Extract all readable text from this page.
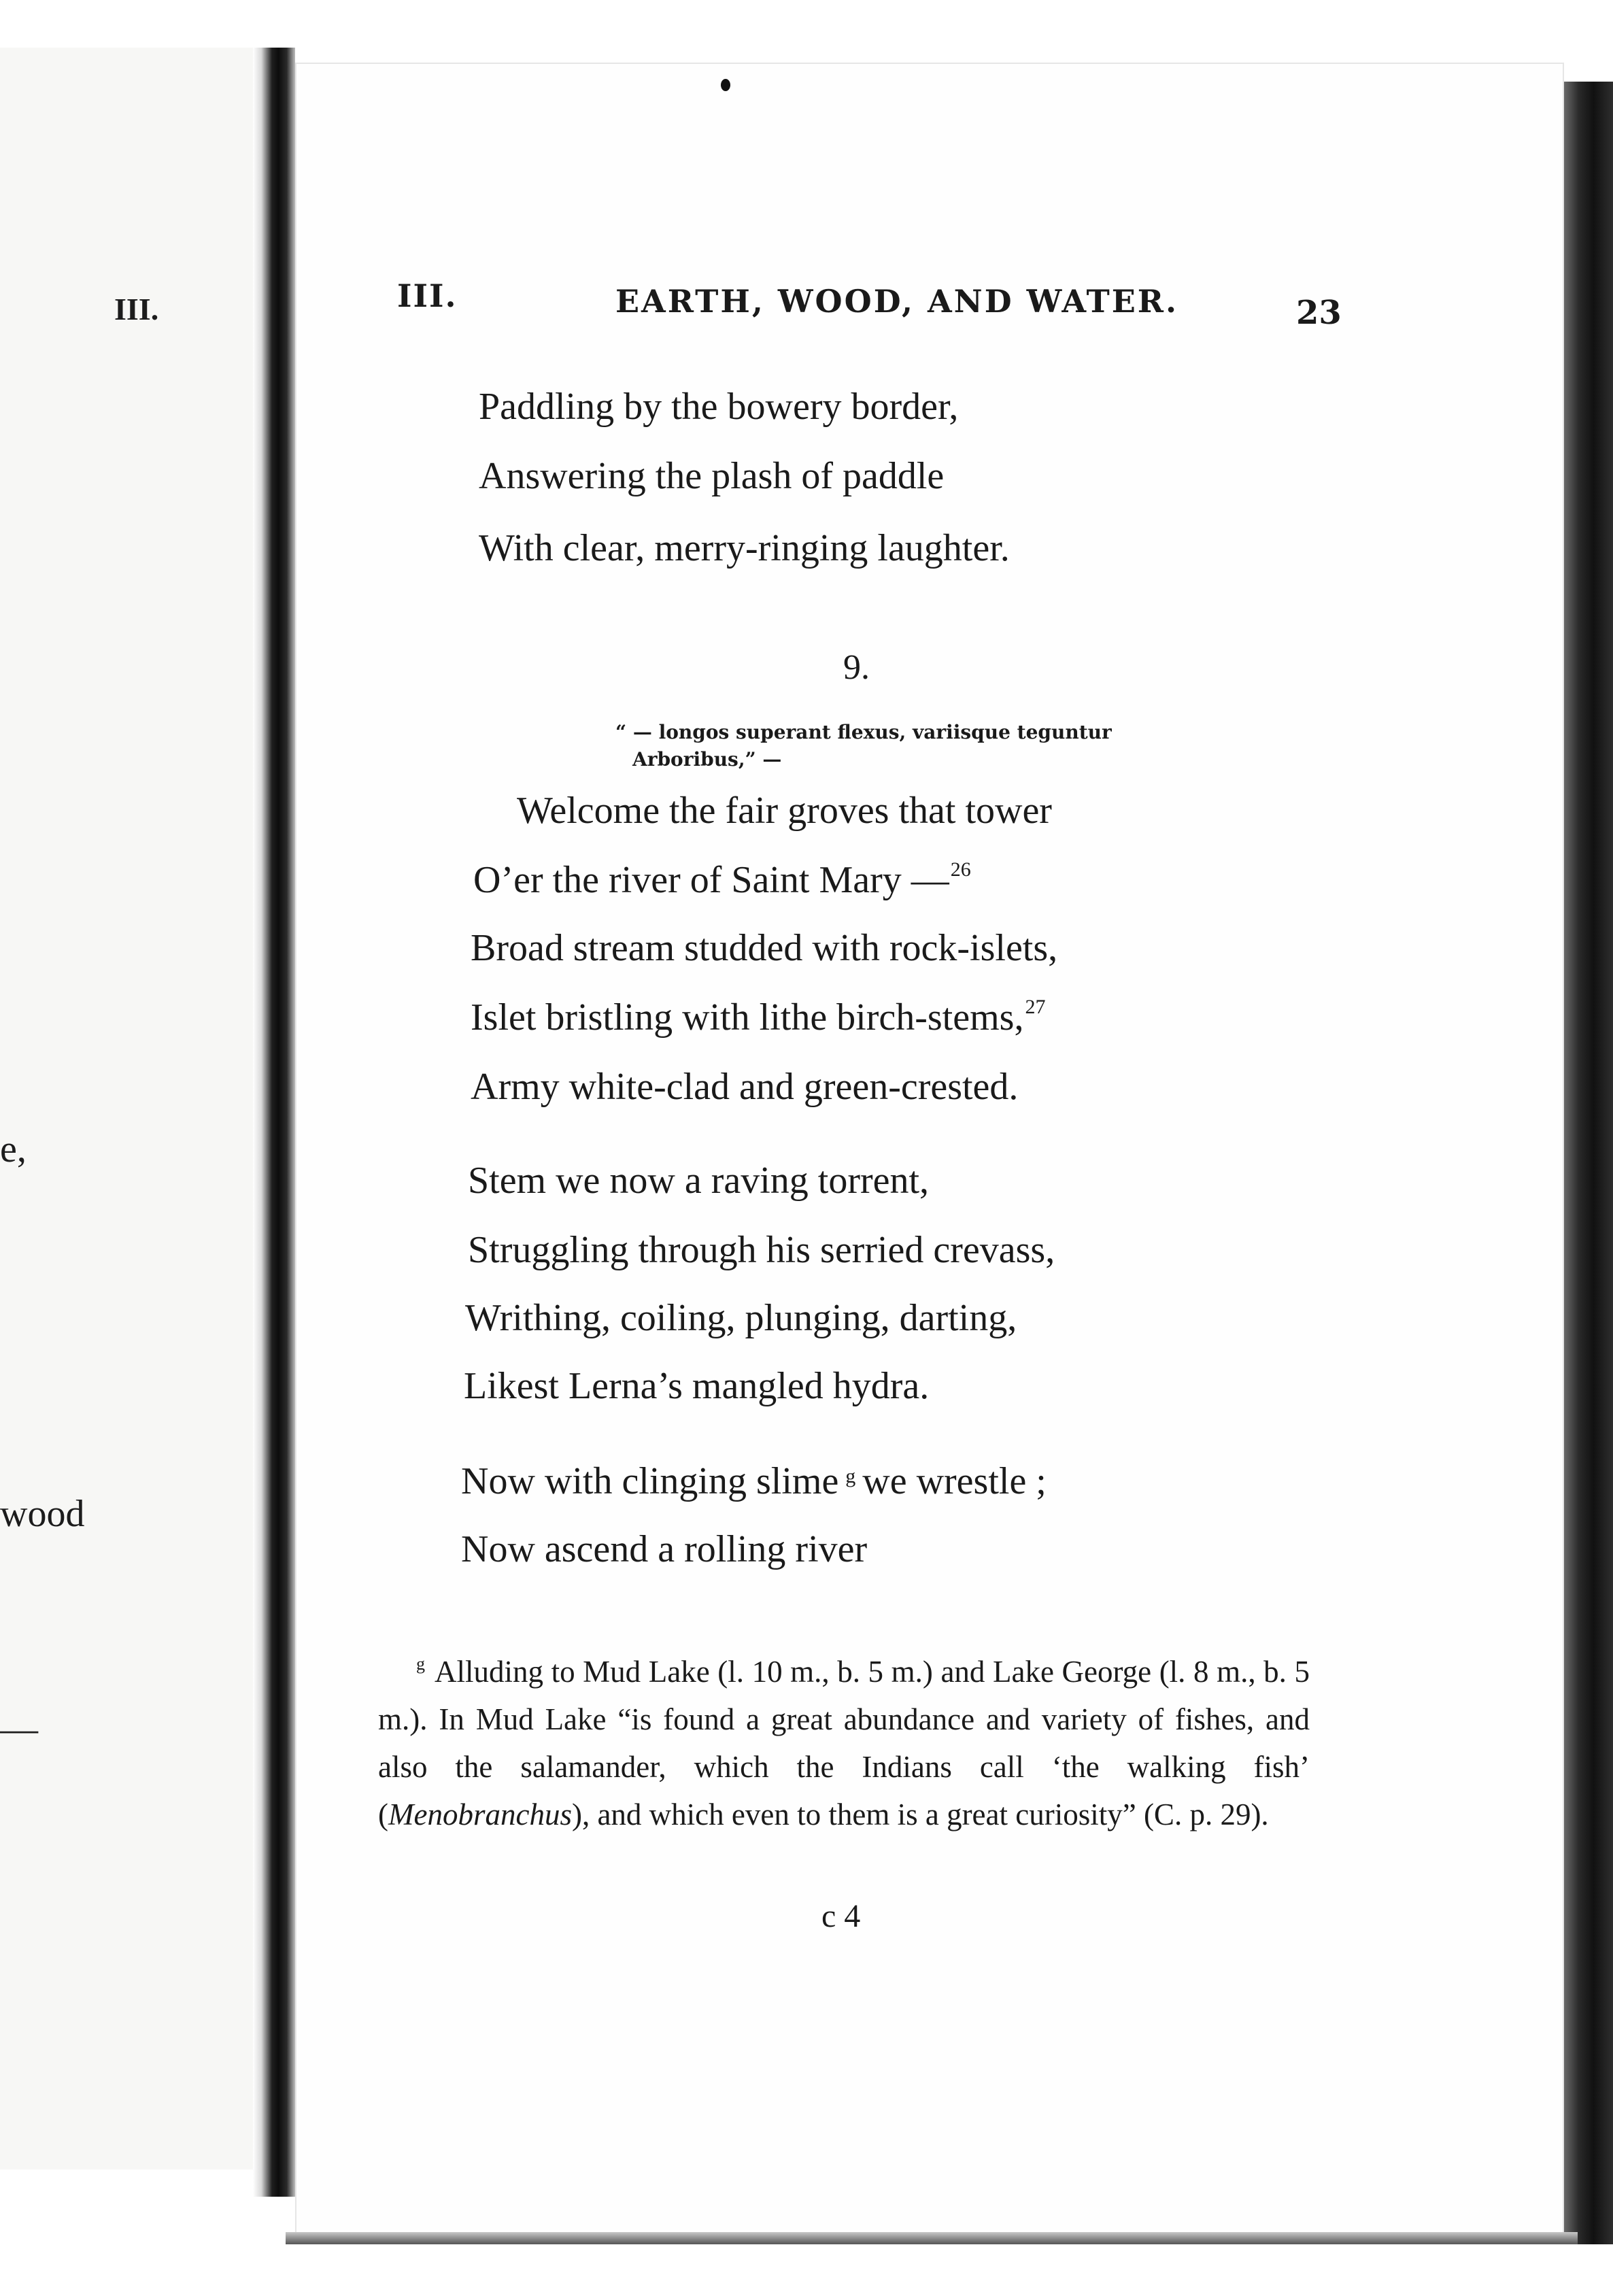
III.
e,
wood
—
III.	EARTH, WOOD, AND WATER.	23
Paddling by the bowery border,
Answering the plash of paddle
With clear, merry-ringing laughter.
9.
“ — longos superant flexus, variisque teguntur
Arboribus,” —
Welcome the fair groves that tower
O’er the river of Saint Mary —$^{26}$
Broad stream studded with rock-islets,
Islet bristling with lithe birch-stems,$^{27}$
Army white-clad and green-crested.
Stem we now a raving torrent,
Struggling through his serried crevass,
Writhing, coiling, plunging, darting,
Likest Lerna’s mangled hydra.
Now with clinging slime $^g$ we wrestle ;
Now ascend a rolling river
$^g$ Alluding to Mud Lake (l. 10 m., b. 5 m.) and Lake George (l. 8 m., b. 5 m.). In Mud Lake “is found a great abundance and variety of fishes, and also the salamander, which the Indians call ‘the walking fish’ (Menobranchus), and which even to them is a great curiosity” (C. p. 29).
c 4
